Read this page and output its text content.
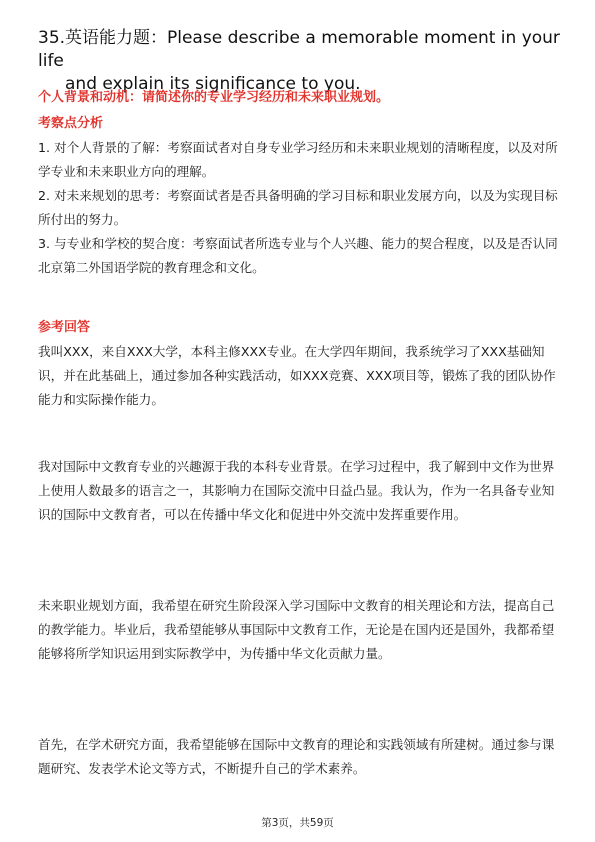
35.英语能力题：Please describe a memorable moment in your life
and explain its significance to you.
个人背景和动机：请简述你的专业学习经历和未来职业规划。
考察点分析

1. 对个人背景的了解：考察面试者对自身专业学习经历和未来职业规划的清晰程度，以及对所学专业和未来职业方向的理解。

2. 对未来规划的思考：考察面试者是否具备明确的学习目标和职业发展方向，以及为实现目标所付出的努力。

3. 与专业和学校的契合度：考察面试者所选专业与个人兴趣、能力的契合程度，以及是否认同北京第二外国语学院的教育理念和文化。

参考回答
我叫XXX，来自XXX大学，本科主修XXX专业。在大学四年期间，我系统学习了XXX基础知识，并在此基础上，通过参加各种实践活动，如XXX竞赛、XXX项目等，锻炼了我的团队协作能力和实际操作能力。
我对国际中文教育专业的兴趣源于我的本科专业背景。在学习过程中，我了解到中文作为世界上使用人数最多的语言之一，其影响力在国际交流中日益凸显。我认为，作为一名具备专业知识的国际中文教育者，可以在传播中华文化和促进中外交流中发挥重要作用。
未来职业规划方面，我希望在研究生阶段深入学习国际中文教育的相关理论和方法，提高自己的教学能力。毕业后，我希望能够从事国际中文教育工作，无论是在国内还是国外，我都希望能够将所学知识运用到实际教学中，为传播中华文化贡献力量。
首先，在学术研究方面，我希望能够在国际中文教育的理论和实践领域有所建树。通过参与课题研究、发表学术论文等方式，不断提升自己的学术素养。
第3页，共59页
